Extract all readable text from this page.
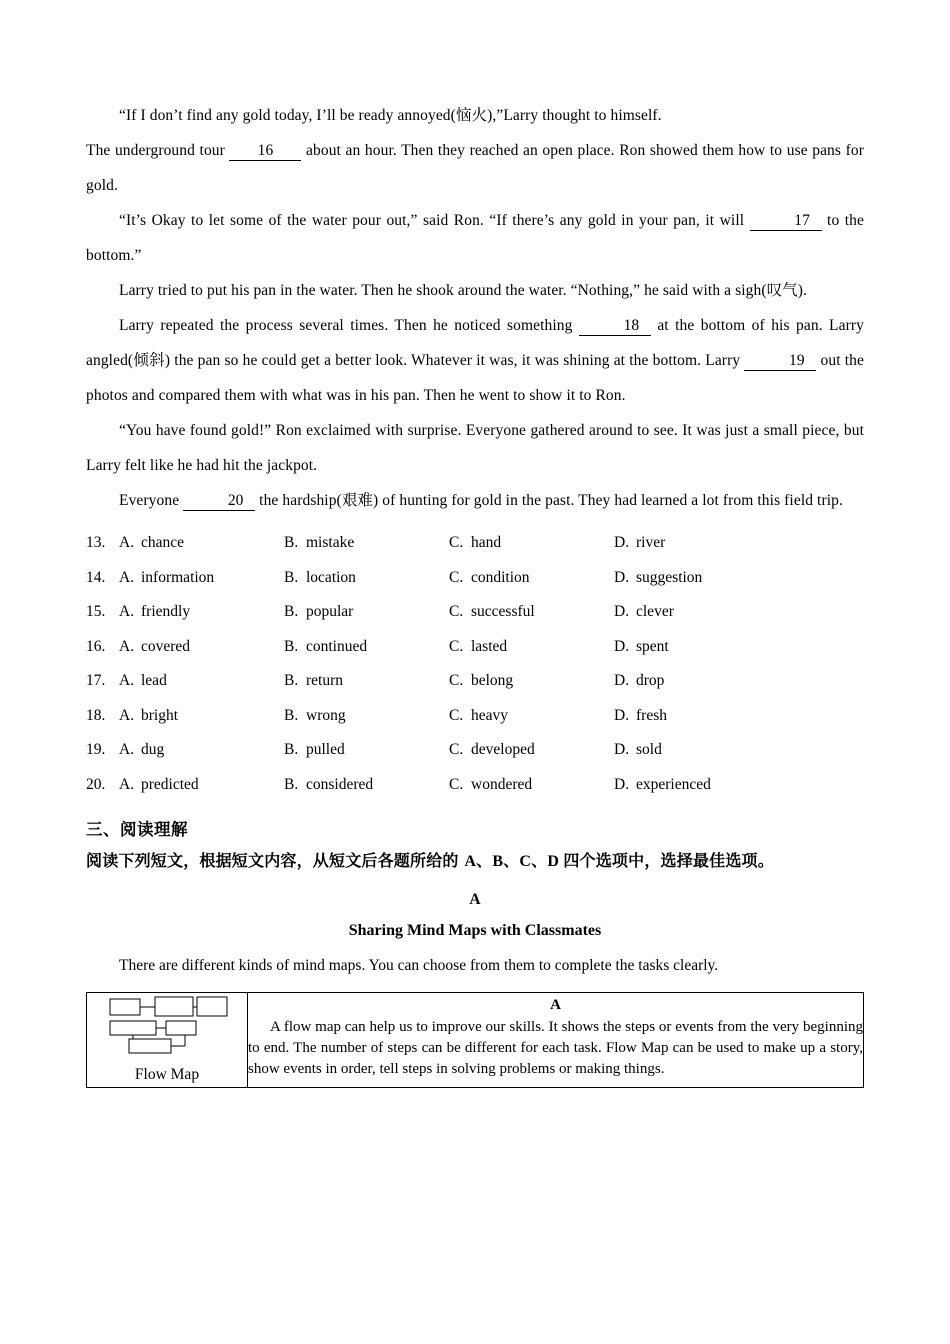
“If I don’t find any gold today, I’ll be ready annoyed(恼火),”Larry thought to himself.

The underground tour 16 about an hour. Then they reached an open place. Ron showed them how to use pans for gold.

“It’s Okay to let some of the water pour out,” said Ron. “If there’s any gold in your pan, it will	17 to the bottom.”

Larry tried to put his pan in the water. Then he shook around the water. “Nothing,” he said with a sigh(叹气).

Larry repeated the process several times. Then he noticed something	18 at the bottom of his pan. Larry angled(倾斜) the pan so he could get a better look. Whatever it was, it was shining at the bottom. Larry	19 out the photos and compared them with what was in his pan. Then he went to show it to Ron.

“You have found gold!” Ron exclaimed with surprise. Everyone gathered around to see. It was just a small piece, but Larry felt like he had hit the jackpot.

Everyone	20 the hardship(艰难) of hunting for gold in the past. They had learned a lot from this field trip.

13. A. chance	B. mistake	C. hand	D. river
14. A. information	B. location	C. condition	D. suggestion
15. A. friendly	B. popular	C. successful	D. clever
16. A. covered	B. continued	C. lasted	D. spent
17. A. lead	B. return	C. belong	D. drop
18. A. bright	B. wrong	C. heavy	D. fresh
19. A. dug	B. pulled	C. developed	D. sold
20. A. predicted	B. considered	C. wondered	D. experienced
三、阅读理解
阅读下列短文，根据短文内容，从短文后各题所给的 A、B、C、D 四个选项中，选择最佳选项。
A
Sharing Mind Maps with Classmates

There are different kinds of mind maps. You can choose from them to complete the tasks clearly.

Flow Map

A
A flow map can help us to improve our skills. It shows the steps or events from the very beginning to end. The number of steps can be different for each task. Flow Map can be used to make up a story, show events in order, tell steps in solving problems or making things.
